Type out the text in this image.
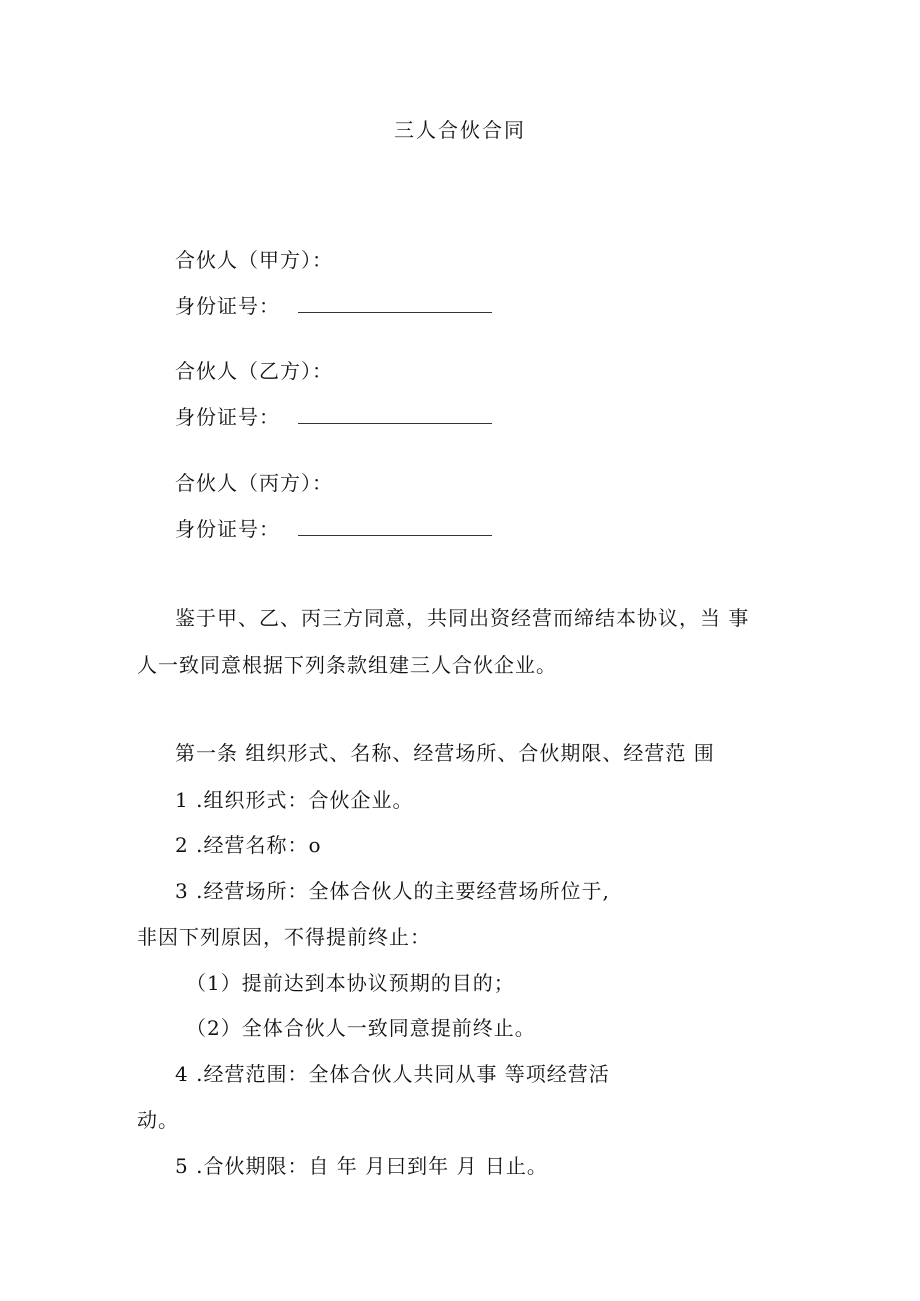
三人合伙合同
合伙人（甲方）：
身份证号：
合伙人（乙方）：
身份证号：
合伙人（丙方）：
身份证号：
鉴于甲、乙、丙三方同意，共同出资经营而缔结本协议，当 事
人一致同意根据下列条款组建三人合伙企业。
第一条 组织形式、名称、经营场所、合伙期限、经营范 围
1 .组织形式：合伙企业。
2 .经营名称：o
3 .经营场所：全体合伙人的主要经营场所位于,
非因下列原因，不得提前终止：
（1）提前达到本协议预期的目的；
（2）全体合伙人一致同意提前终止。
4 .经营范围：全体合伙人共同从事 等项经营活
动。
5 .合伙期限：自 年 月曰到年 月 日止。
